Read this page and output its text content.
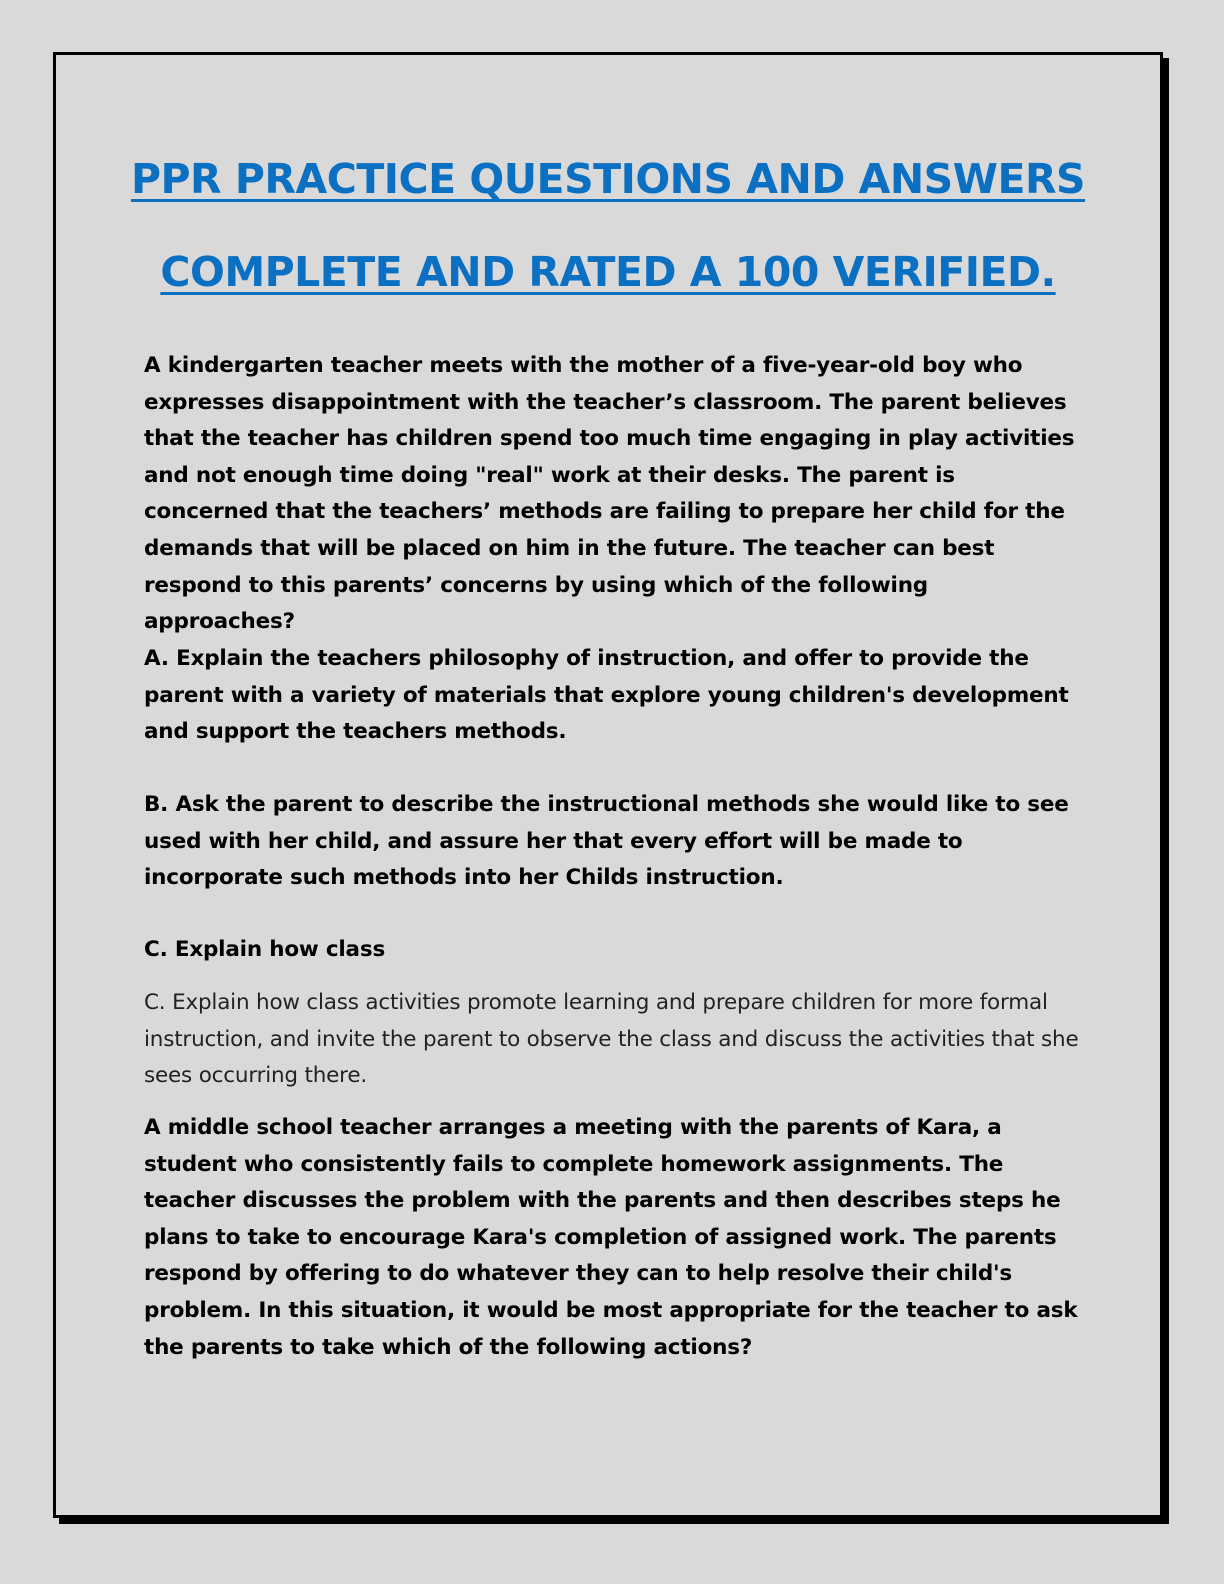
PPR PRACTICE QUESTIONS AND ANSWERS
COMPLETE AND RATED A 100 VERIFIED.

A kindergarten teacher meets with the mother of a five-year-old boy who expresses disappointment with the teacher’s classroom. The parent believes that the teacher has children spend too much time engaging in play activities and not enough time doing "real" work at their desks. The parent is concerned that the teachers’ methods are failing to prepare her child for the demands that will be placed on him in the future. The teacher can best respond to this parents’ concerns by using which of the following approaches?

A. Explain the teachers philosophy of instruction, and offer to provide the parent with a variety of materials that explore young children's development and support the teachers methods.

B. Ask the parent to describe the instructional methods she would like to see used with her child, and assure her that every effort will be made to incorporate such methods into her Childs instruction.

C. Explain how class

C. Explain how class activities promote learning and prepare children for more formal instruction, and invite the parent to observe the class and discuss the activities that she sees occurring there.

A middle school teacher arranges a meeting with the parents of Kara, a student who consistently fails to complete homework assignments. The teacher discusses the problem with the parents and then describes steps he plans to take to encourage Kara's completion of assigned work. The parents respond by offering to do whatever they can to help resolve their child's problem. In this situation, it would be most appropriate for the teacher to ask the parents to take which of the following actions?
